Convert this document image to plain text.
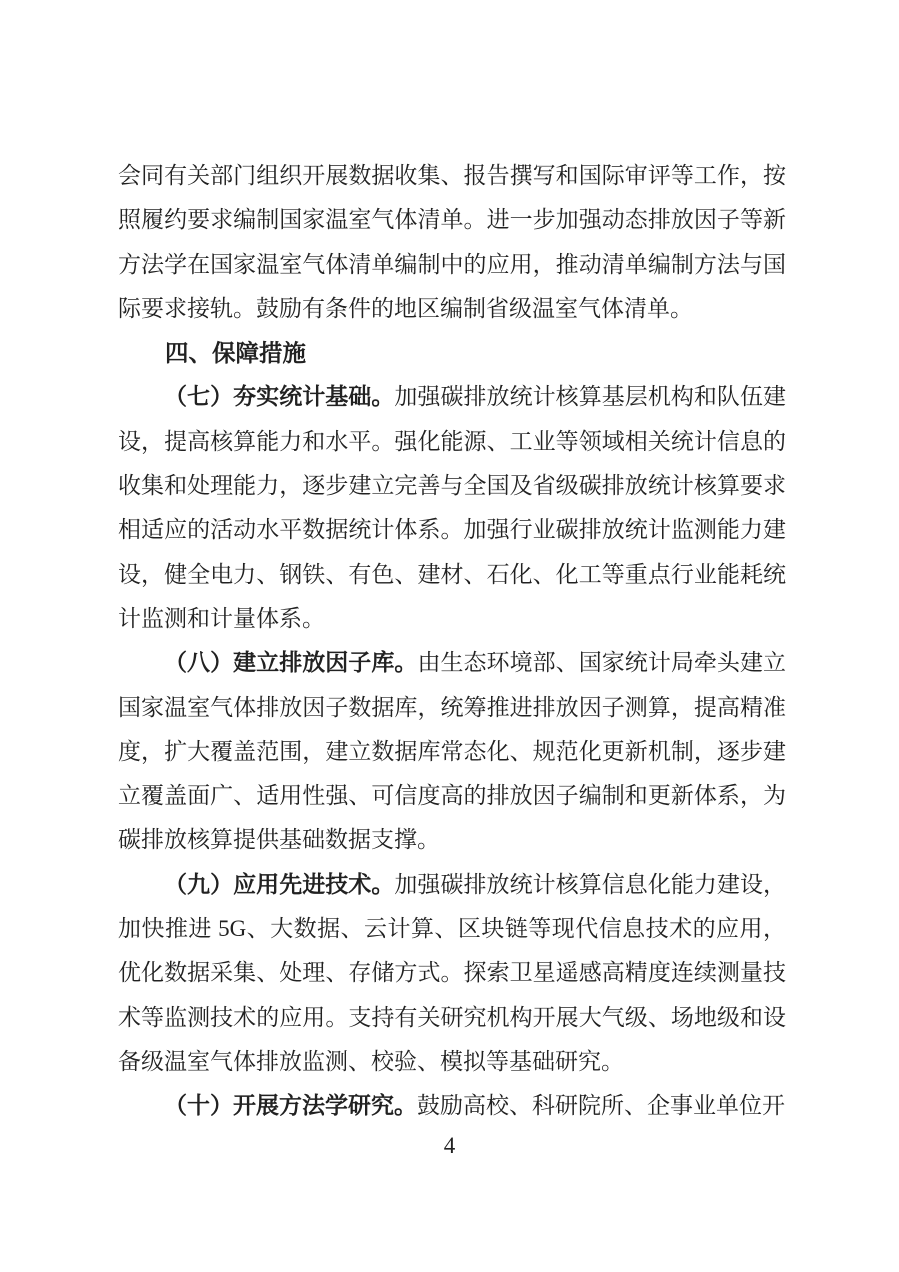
会同有关部门组织开展数据收集、报告撰写和国际审评等工作，按照履约要求编制国家温室气体清单。进一步加强动态排放因子等新方法学在国家温室气体清单编制中的应用，推动清单编制方法与国际要求接轨。鼓励有条件的地区编制省级温室气体清单。

四、保障措施

（七）夯实统计基础。加强碳排放统计核算基层机构和队伍建设，提高核算能力和水平。强化能源、工业等领域相关统计信息的收集和处理能力，逐步建立完善与全国及省级碳排放统计核算要求相适应的活动水平数据统计体系。加强行业碳排放统计监测能力建设，健全电力、钢铁、有色、建材、石化、化工等重点行业能耗统计监测和计量体系。

（八）建立排放因子库。由生态环境部、国家统计局牵头建立国家温室气体排放因子数据库，统筹推进排放因子测算，提高精准度，扩大覆盖范围，建立数据库常态化、规范化更新机制，逐步建立覆盖面广、适用性强、可信度高的排放因子编制和更新体系，为碳排放核算提供基础数据支撑。

（九）应用先进技术。加强碳排放统计核算信息化能力建设，加快推进 5G、大数据、云计算、区块链等现代信息技术的应用，优化数据采集、处理、存储方式。探索卫星遥感高精度连续测量技术等监测技术的应用。支持有关研究机构开展大气级、场地级和设备级温室气体排放监测、校验、模拟等基础研究。

（十）开展方法学研究。鼓励高校、科研院所、企事业单位开

4
